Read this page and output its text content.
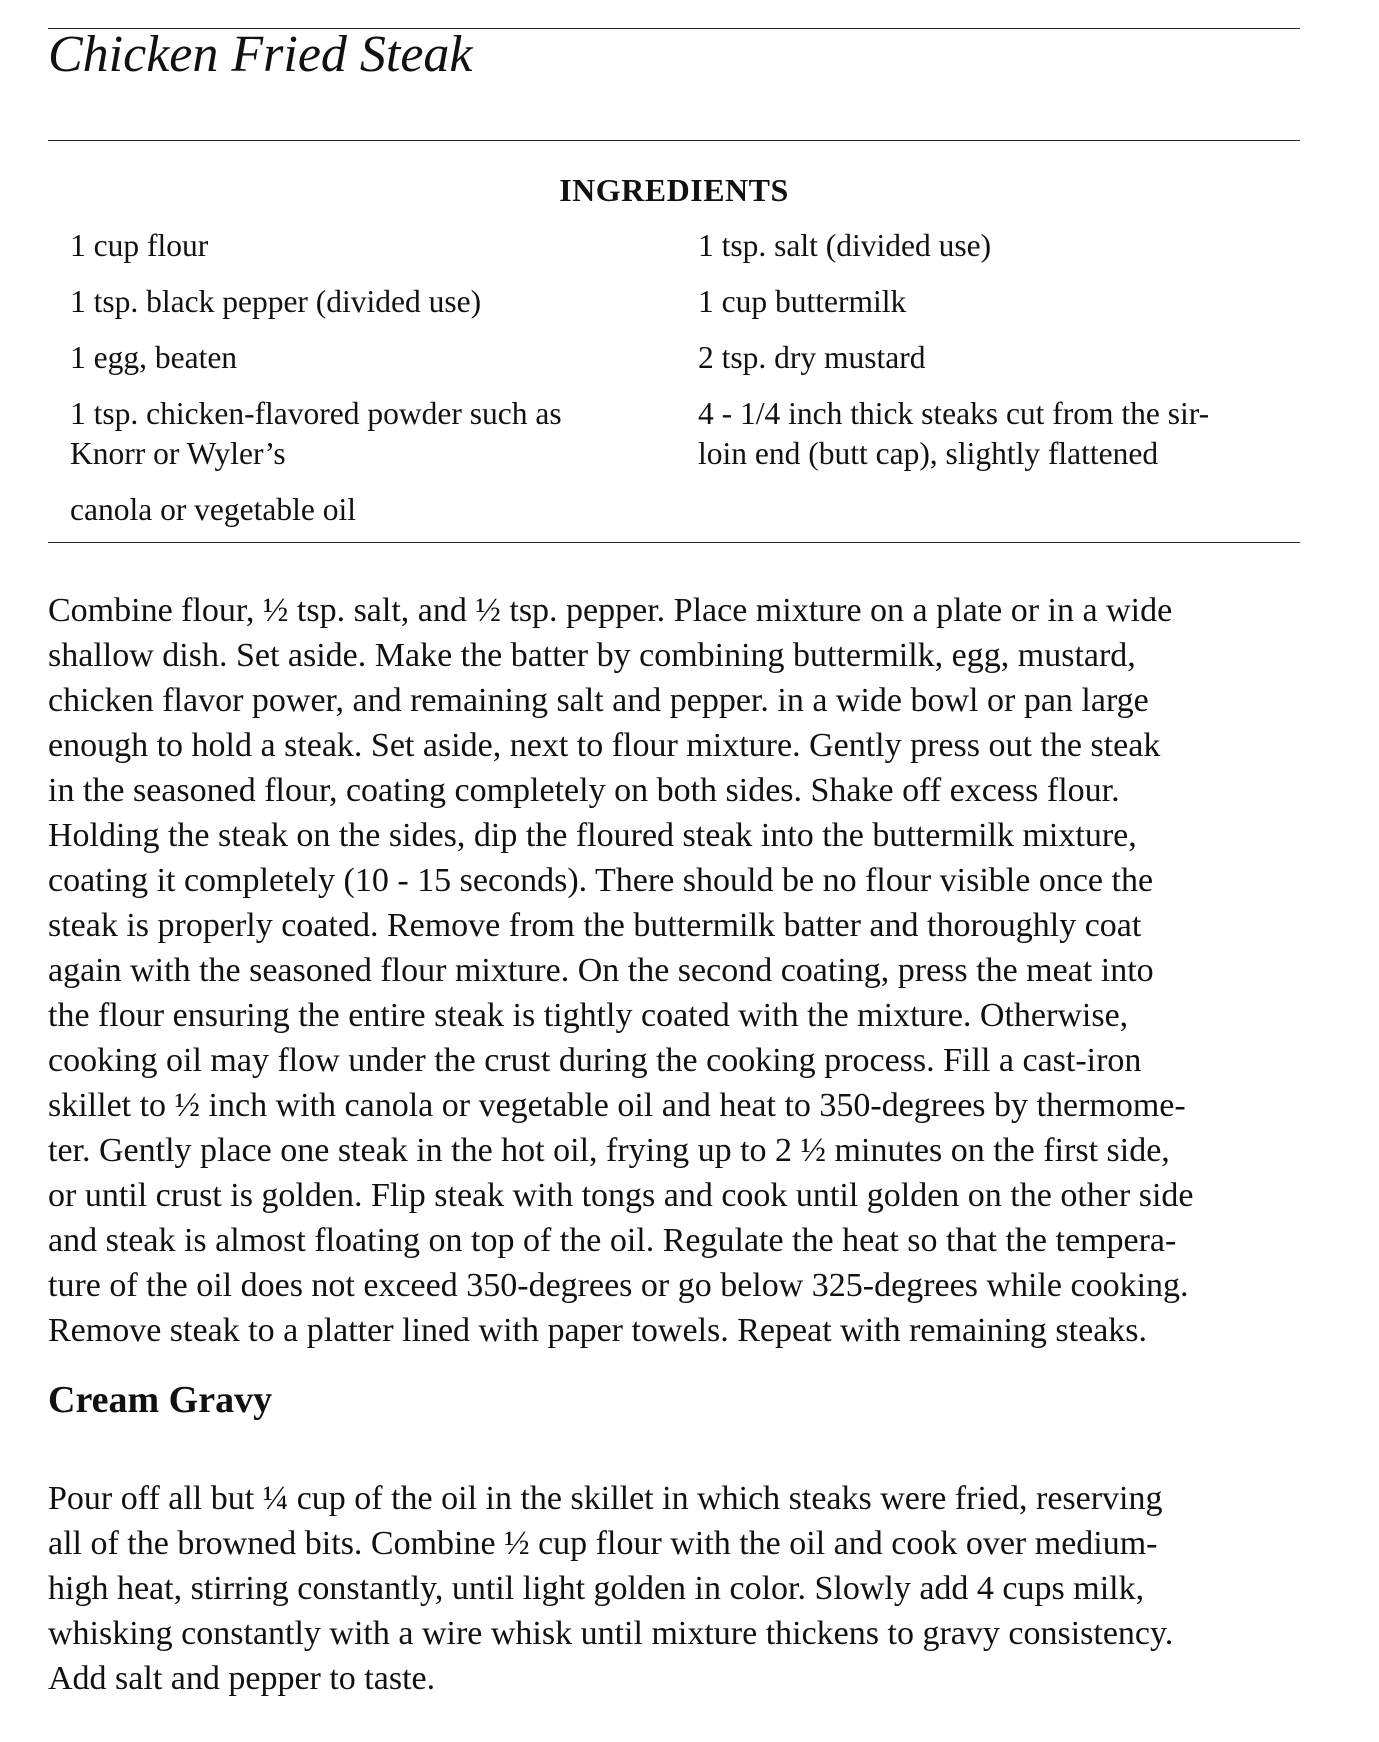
Chicken Fried Steak
INGREDIENTS
1 cup flour
1 tsp. black pepper (divided use)
1 egg, beaten
1 tsp. chicken-flavored powder such as
Knorr or Wyler’s
canola or vegetable oil
1 tsp. salt (divided use)
1 cup buttermilk
2 tsp. dry mustard
4 - 1/4 inch thick steaks cut from the sir-
loin end (butt cap), slightly flattened
Combine flour, ½ tsp. salt, and ½ tsp. pepper. Place mixture on a plate or in a wide
shallow dish. Set aside. Make the batter by combining buttermilk, egg, mustard,
chicken flavor power, and remaining salt and pepper. in a wide bowl or pan large
enough to hold a steak. Set aside, next to flour mixture. Gently press out the steak
in the seasoned flour, coating completely on both sides. Shake off excess flour.
Holding the steak on the sides, dip the floured steak into the buttermilk mixture,
coating it completely (10 - 15 seconds). There should be no flour visible once the
steak is properly coated. Remove from the buttermilk batter and thoroughly coat
again with the seasoned flour mixture. On the second coating, press the meat into
the flour ensuring the entire steak is tightly coated with the mixture. Otherwise,
cooking oil may flow under the crust during the cooking process. Fill a cast-iron
skillet to ½ inch with canola or vegetable oil and heat to 350-degrees by thermome-
ter. Gently place one steak in the hot oil, frying up to 2 ½ minutes on the first side,
or until crust is golden. Flip steak with tongs and cook until golden on the other side
and steak is almost floating on top of the oil. Regulate the heat so that the tempera-
ture of the oil does not exceed 350-degrees or go below 325-degrees while cooking.
Remove steak to a platter lined with paper towels. Repeat with remaining steaks.
Cream Gravy
Pour off all but ¼ cup of the oil in the skillet in which steaks were fried, reserving
all of the browned bits. Combine ½ cup flour with the oil and cook over medium-
high heat, stirring constantly, until light golden in color. Slowly add 4 cups milk,
whisking constantly with a wire whisk until mixture thickens to gravy consistency.
Add salt and pepper to taste.
